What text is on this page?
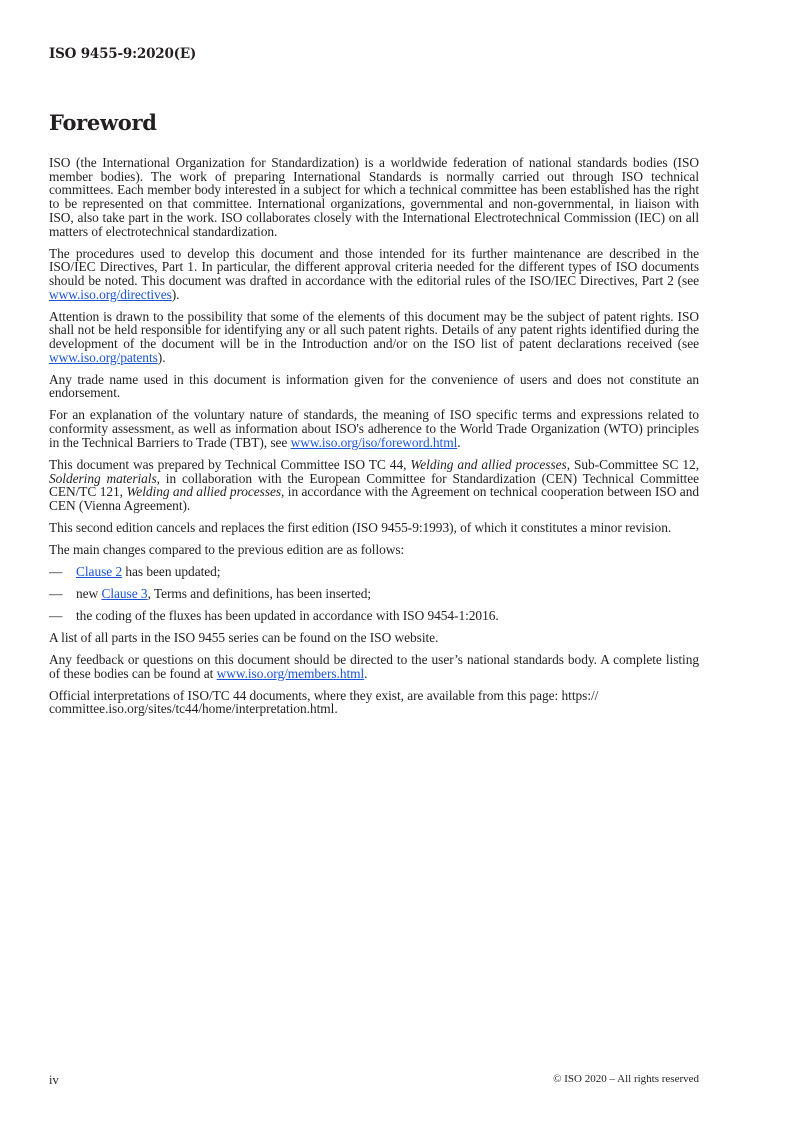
ISO 9455-9:2020(E)
Foreword

ISO (the International Organization for Standardization) is a worldwide federation of national standards bodies (ISO member bodies). The work of preparing International Standards is normally carried out through ISO technical committees. Each member body interested in a subject for which a technical committee has been established has the right to be represented on that committee. International organizations, governmental and non-governmental, in liaison with ISO, also take part in the work. ISO collaborates closely with the International Electrotechnical Commission (IEC) on all matters of electrotechnical standardization.

The procedures used to develop this document and those intended for its further maintenance are described in the ISO/IEC Directives, Part 1. In particular, the different approval criteria needed for the different types of ISO documents should be noted. This document was drafted in accordance with the editorial rules of the ISO/IEC Directives, Part 2 (see www.iso.org/directives).

Attention is drawn to the possibility that some of the elements of this document may be the subject of patent rights. ISO shall not be held responsible for identifying any or all such patent rights. Details of any patent rights identified during the development of the document will be in the Introduction and/or on the ISO list of patent declarations received (see www.iso.org/patents).

Any trade name used in this document is information given for the convenience of users and does not constitute an endorsement.

For an explanation of the voluntary nature of standards, the meaning of ISO specific terms and expressions related to conformity assessment, as well as information about ISO's adherence to the World Trade Organization (WTO) principles in the Technical Barriers to Trade (TBT), see www.iso.org/iso/foreword.html.

This document was prepared by Technical Committee ISO TC 44, Welding and allied processes, Sub-Committee SC 12, Soldering materials, in collaboration with the European Committee for Standardization (CEN) Technical Committee CEN/TC 121, Welding and allied processes, in accordance with the Agreement on technical cooperation between ISO and CEN (Vienna Agreement).

This second edition cancels and replaces the first edition (ISO 9455-9:1993), of which it constitutes a minor revision.

The main changes compared to the previous edition are as follows:

—	Clause 2 has been updated;
—	new Clause 3, Terms and definitions, has been inserted;
—	the coding of the fluxes has been updated in accordance with ISO 9454-1:2016.

A list of all parts in the ISO 9455 series can be found on the ISO website.

Any feedback or questions on this document should be directed to the user’s national standards body. A complete listing of these bodies can be found at www.iso.org/members.html.

Official interpretations of ISO/TC 44 documents, where they exist, are available from this page: https:// committee.iso.org/sites/tc44/home/interpretation.html.

iv	© ISO 2020 – All rights reserved
